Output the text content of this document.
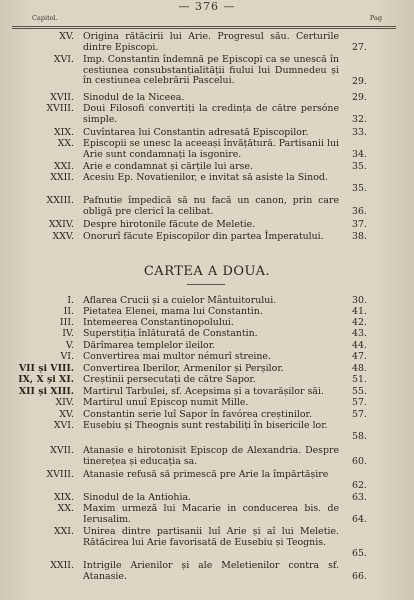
— 376 —
Capitol.	Pag
XV. Origina rătăcirii lui Arie. Progresul său. Certurile dintre Episcopi.	27.
XVI. Imp. Constantin îndemnă pe Episcopi ca se unescă în cestiunea consubstanțialității fiului lui Dumnedeu și în cestiunea celebrării Pascelui.	29.
XVII. Sinodul de la Niceea.	29.
XVIII. Doui Filosofi convertiți la credința de către persóne simple.	32.
XIX. Cuvîntarea lui Constantin adresată Episcopilor.	33.
XX. Episcopii se unesc la aceeași învățătură. Partisanii lui Arie sunt condamnați la isgonire.	34.
XXI. Arie e condamnat și cărțile lui arse.	35.
XXII. Acesiu Ep. Novatienilor, e invitat să asiste la Sinod.
35.
XXIII. Pafnutie împedică să nu facă un canon, prin care obligă pre clericî la celibat.	36.
XXIV. Despre hirotonile făcute de Meletie.	37.
XXV. Onorurî făcute Episcopilor din partea Împeratului.	38.
CARTEA A DOUA.
I. Aflarea Crucii și a cuielor Mântuitorului.	30.
II. Pietatea Elenei, mama lui Constantin.	41.
III. Intemeerea Constantinopolului.	42.
IV. Superstiția înlăturată de Constantin.	43.
V. Dărîmarea templelor ileilor.	44.
VI. Convertirea mai multor némurî streine.	47.
VII și VIII. Convertirea Iberilor, Armenilor și Perșilor.	48.
IX, X și XI. Creștinii persecutați de către Sapor.	51.
XII și XIII. Martirul Tarbulei, sf. Acepsima și a tovarășilor săi.	55.
XIV. Martirul unuî Episcop numit Mille.	57.
XV. Constantin serie luî Sapor în favórea creștinilor.	57.
XVI. Eusebiu și Theognis sunt restabiliți în bisericile lor.
58.
XVII. Atanasie e hirotonisit Episcop de Alexandria. Despre tinerețea și educația sa.	60.
XVIII. Atanasie refusă să primescă pre Arie la împărtășire
62.
XIX. Sinodul de la Antiohia.	63.
XX. Maxim urmeză lui Macarie in conducerea bis. de Ierusalim.	64.
XXI. Unirea dintre partisanii luî Arie și aî lui Meletie. Rătăcirea lui Arie favorisată de Eusebiu și Teognis.
65.
XXII. Intrigile Arienilor și ale Meletienilor contra sf. Atanasie.	66.
